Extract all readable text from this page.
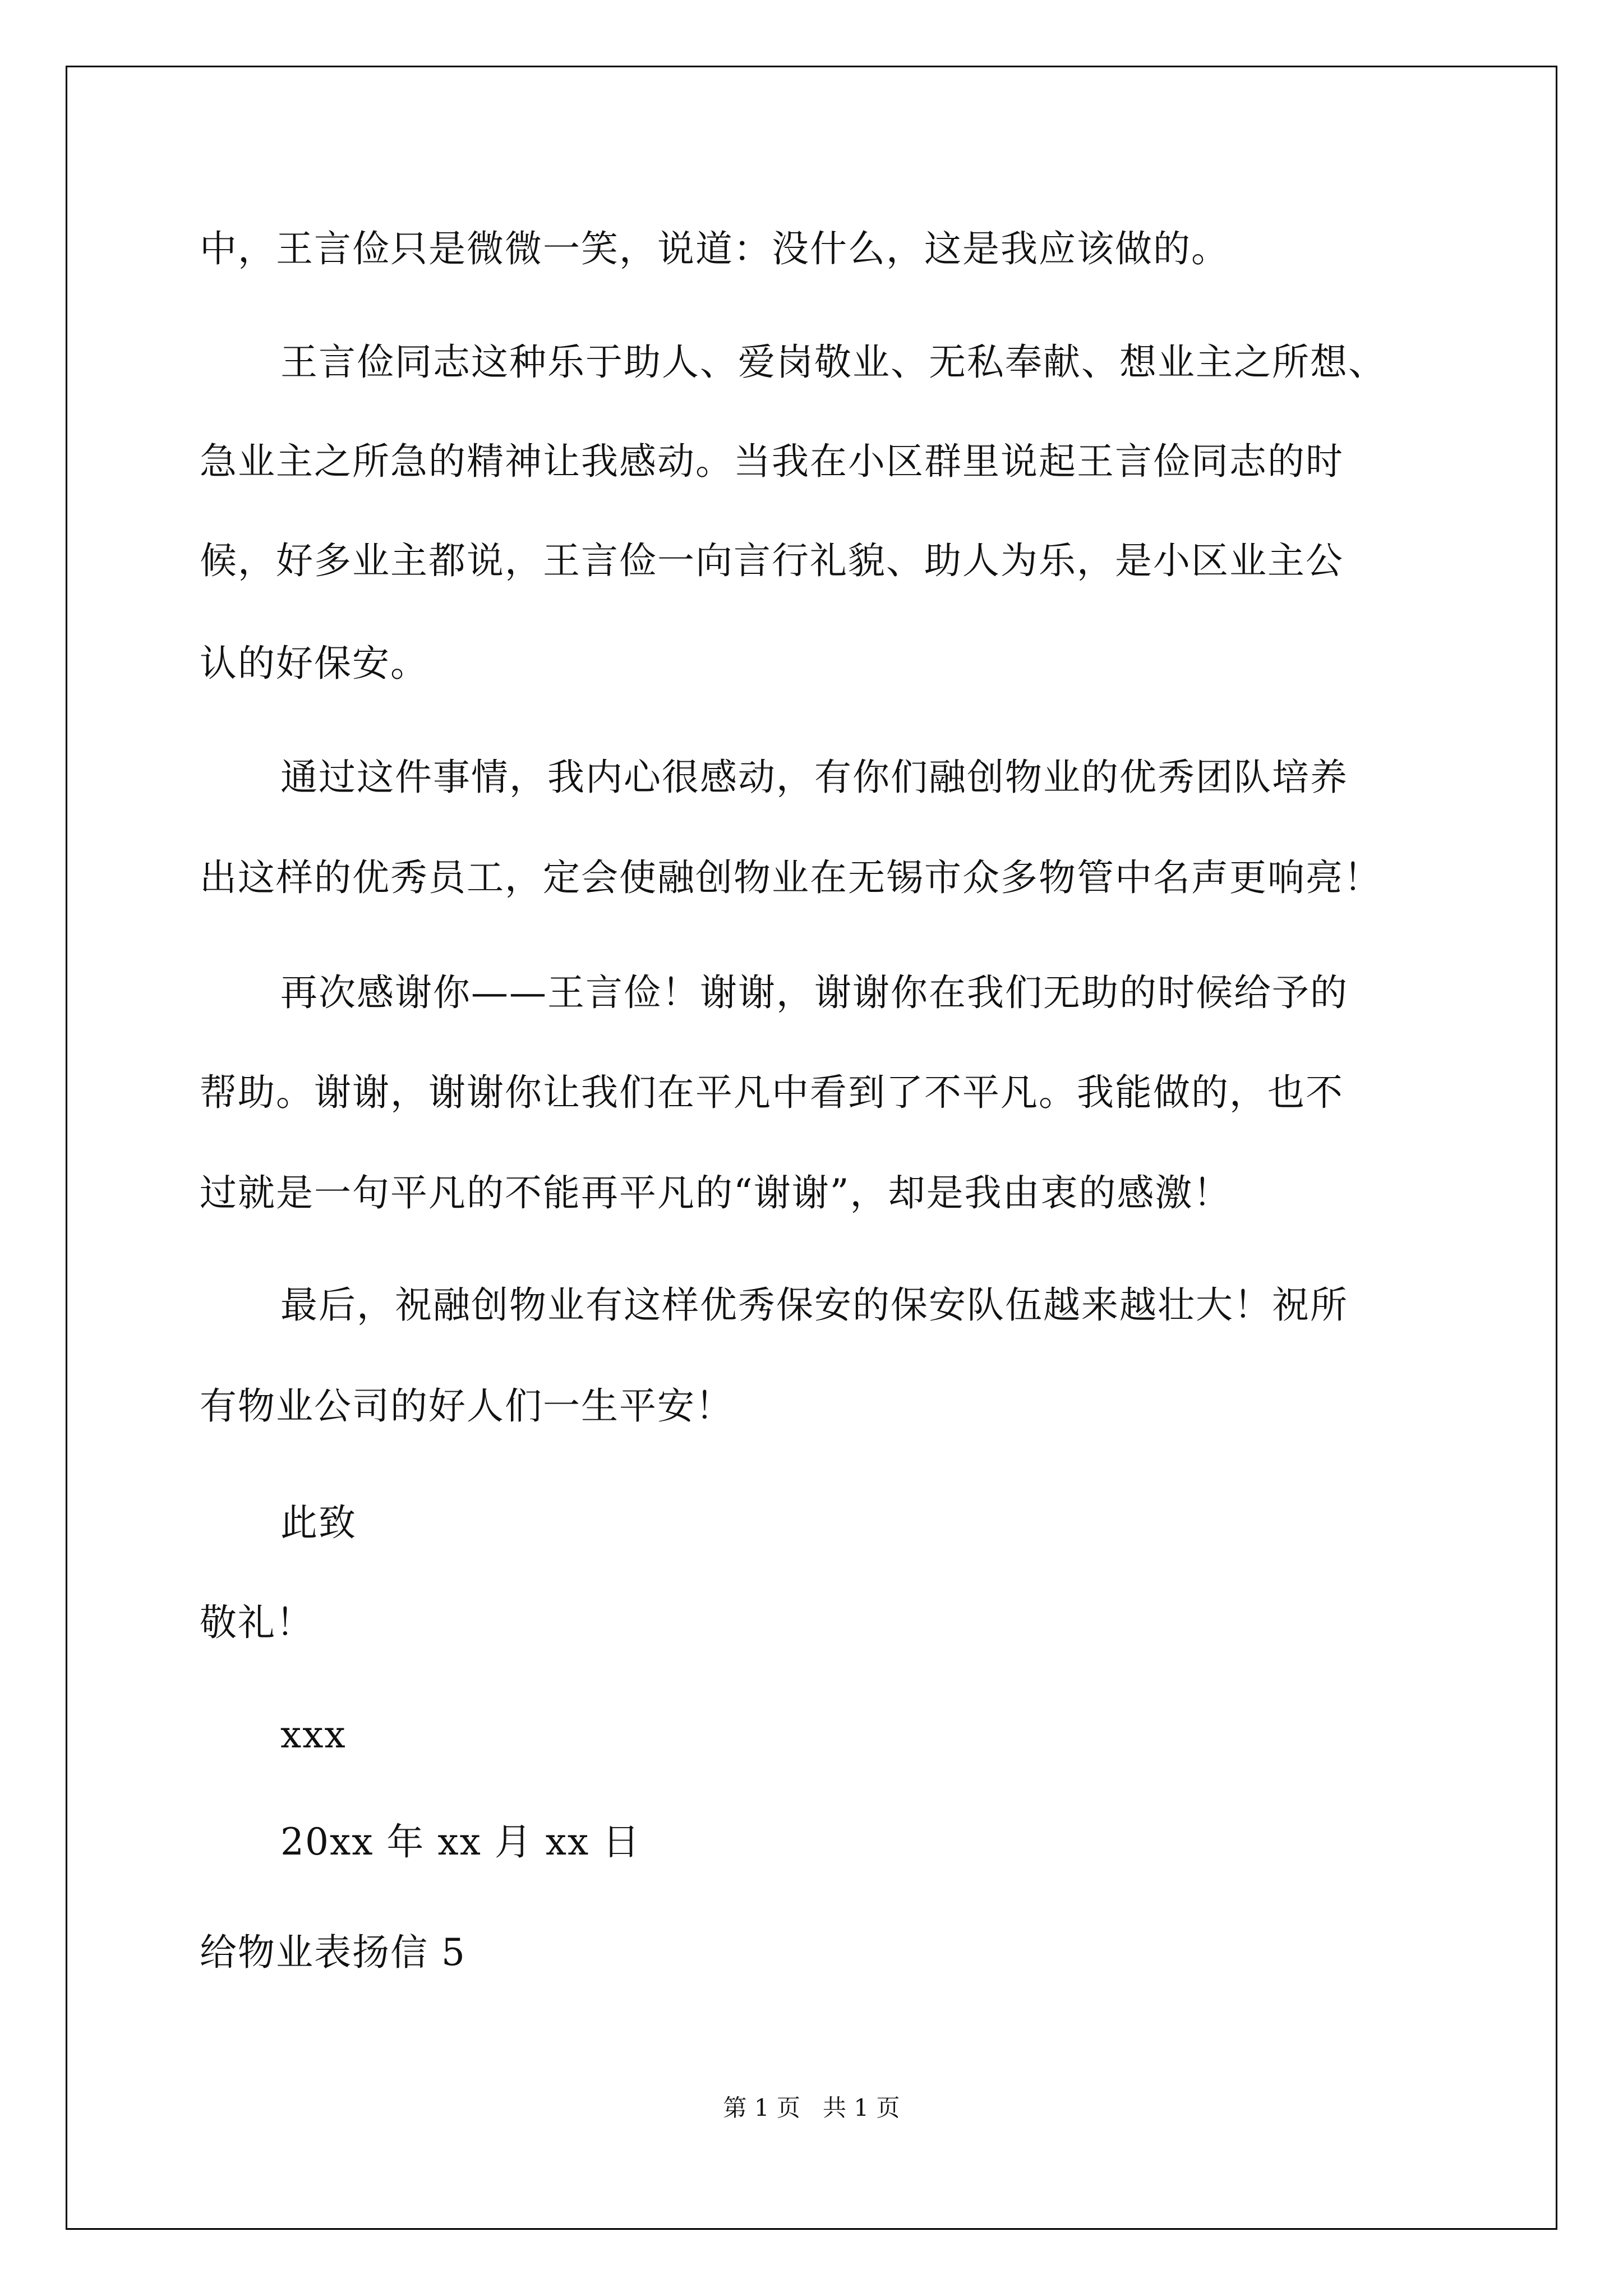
中，王言俭只是微微一笑，说道：没什么，这是我应该做的。
王言俭同志这种乐于助人、爱岗敬业、无私奉献、想业主之所想、
急业主之所急的精神让我感动。当我在小区群里说起王言俭同志的时
候，好多业主都说，王言俭一向言行礼貌、助人为乐，是小区业主公
认的好保安。
通过这件事情，我内心很感动，有你们融创物业的优秀团队培养
出这样的优秀员工，定会使融创物业在无锡市众多物管中名声更响亮！
再次感谢你——王言俭！谢谢，谢谢你在我们无助的时候给予的
帮助。谢谢，谢谢你让我们在平凡中看到了不平凡。我能做的，也不
过就是一句平凡的不能再平凡的“谢谢”，却是我由衷的感激！
最后，祝融创物业有这样优秀保安的保安队伍越来越壮大！祝所
有物业公司的好人们一生平安！
此致
敬礼！
xxx
20xx 年 xx 月 xx 日
给物业表扬信 5
第 1 页   共 1 页
